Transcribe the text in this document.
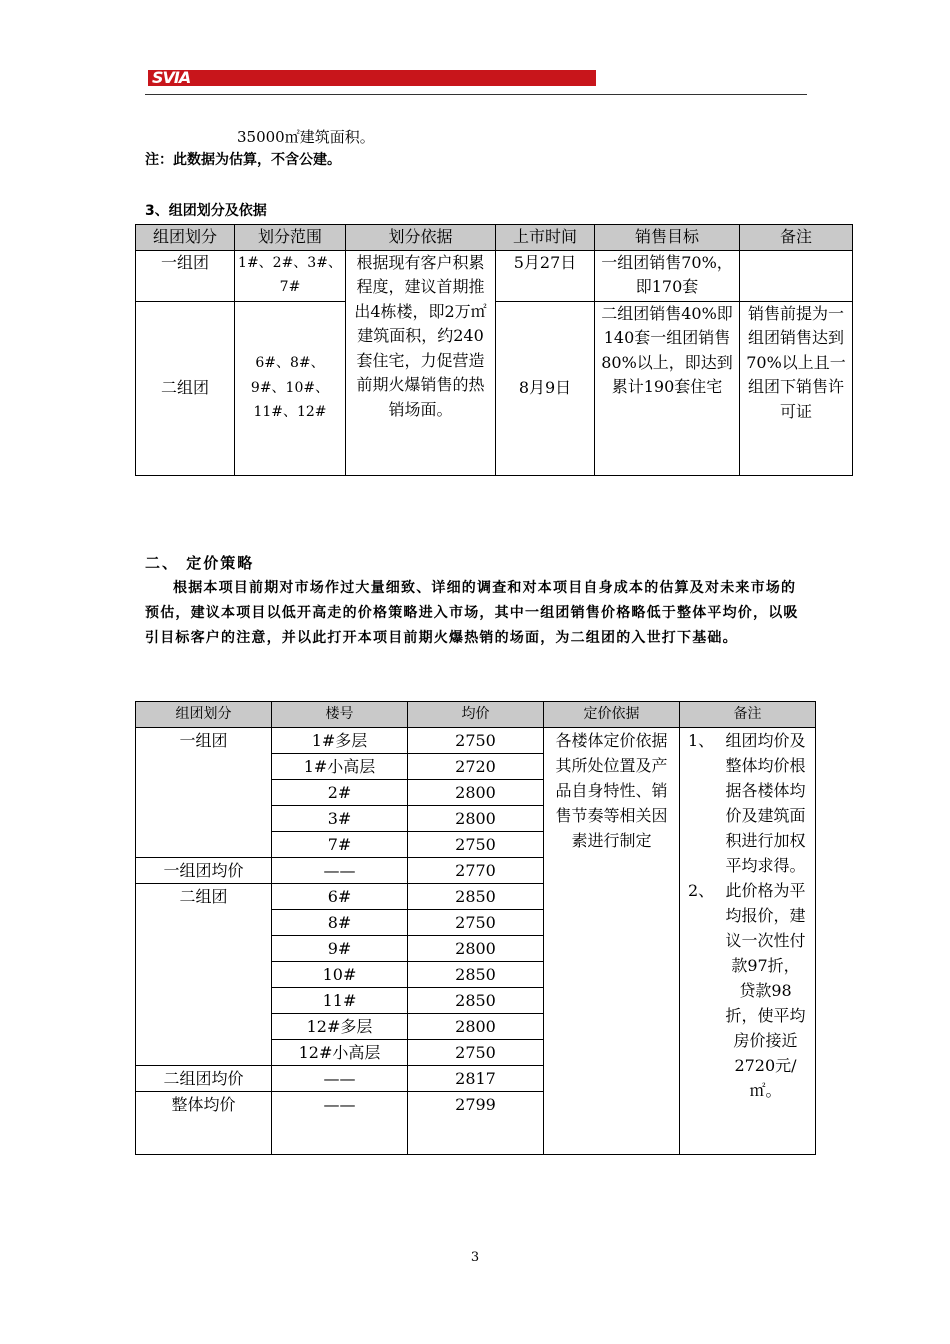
SVIA
35000㎡建筑面积。
注：此数据为估算，不含公建。
3、组团划分及依据
组团划分	划分范围	划分依据	上市时间	销售目标	备注
一组团	1#、2#、3#、7#	根据现有客户积累程度，建议首期推出4栋楼，即2万㎡建筑面积，约240套住宅，力促营造前期火爆销售的热销场面。	5月27日	一组团销售70%，即170套	
二组团	6#、8#、9#、10#、11#、12#		8月9日	二组团销售40%即140套一组团销售80%以上，即达到累计190套住宅	销售前提为一组团销售达到70%以上且一组团下销售许可证
二、 定价策略
根据本项目前期对市场作过大量细致、详细的调查和对本项目自身成本的估算及对未来市场的预估，建议本项目以低开高走的价格策略进入市场，其中一组团销售价格略低于整体平均价，以吸引目标客户的注意，并以此打开本项目前期火爆热销的场面，为二组团的入世打下基础。
组团划分	楼号	均价	定价依据	备注
一组团	1#多层	2750	各楼体定价依据其所处位置及产品自身特性、销售节奏等相关因素进行制定	1、 组团均价及整体均价根据各楼体均价及建筑面积进行加权平均求得。
2、 此价格为平均报价，建议一次性付款97折，贷款98折，使平均房价接近2720元/㎡。

	1#小高层	2720		
	2#	2800		
	3#	2800		
	7#	2750		
一组团均价	——	2770		
二组团	6#	2850		
	8#	2750		
	9#	2800		
	10#	2850		
	11#	2850		
	12#多层	2800		
	12#小高层	2750		
二组团均价	——	2817		
整体均价	——	2799		
3
